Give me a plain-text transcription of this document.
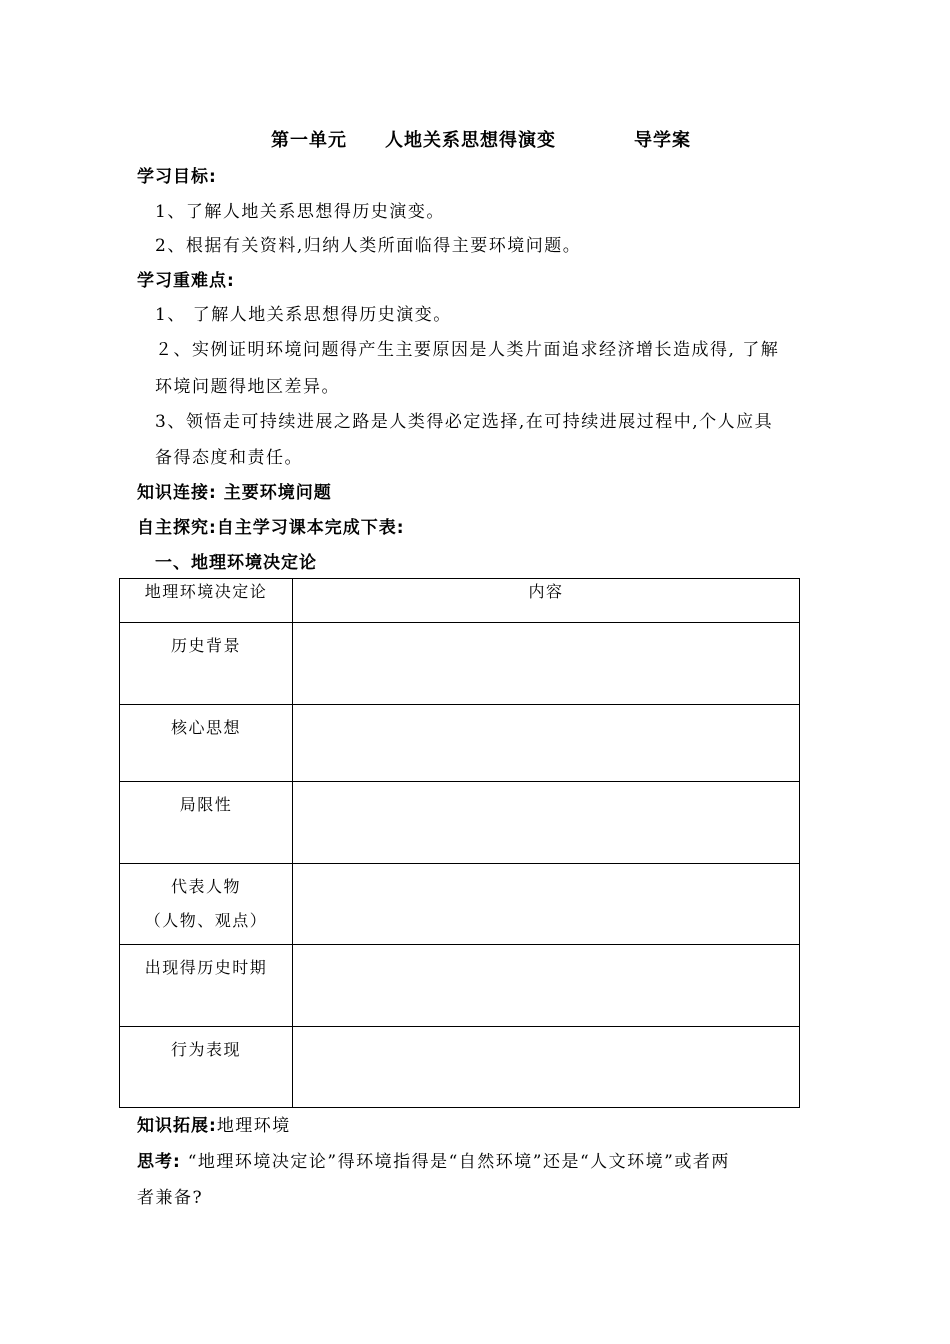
第一单元 人地关系思想得演变	导学案
学习目标:
1、了解人地关系思想得历史演变。
2、根据有关资料,归纳人类所面临得主要环境问题。
学习重难点:
1、 了解人地关系思想得历史演变。
２、实例证明环境问题得产生主要原因是人类片面追求经济增长造成得, 了解
环境问题得地区差异。
3、领悟走可持续进展之路是人类得必定选择,在可持续进展过程中,个人应具
备得态度和责任。
知识连接: 主要环境问题
自主探究:自主学习课本完成下表:
一、地理环境决定论
地理环境决定论	内容

历史背景	

核心思想	

局限性	

代表人物
（人物、观点）	

出现得历史时期	

行为表现	

知识拓展:地理环境
思考: “地理环境决定论”得环境指得是“自然环境”还是“人文环境”或者两
者兼备?
